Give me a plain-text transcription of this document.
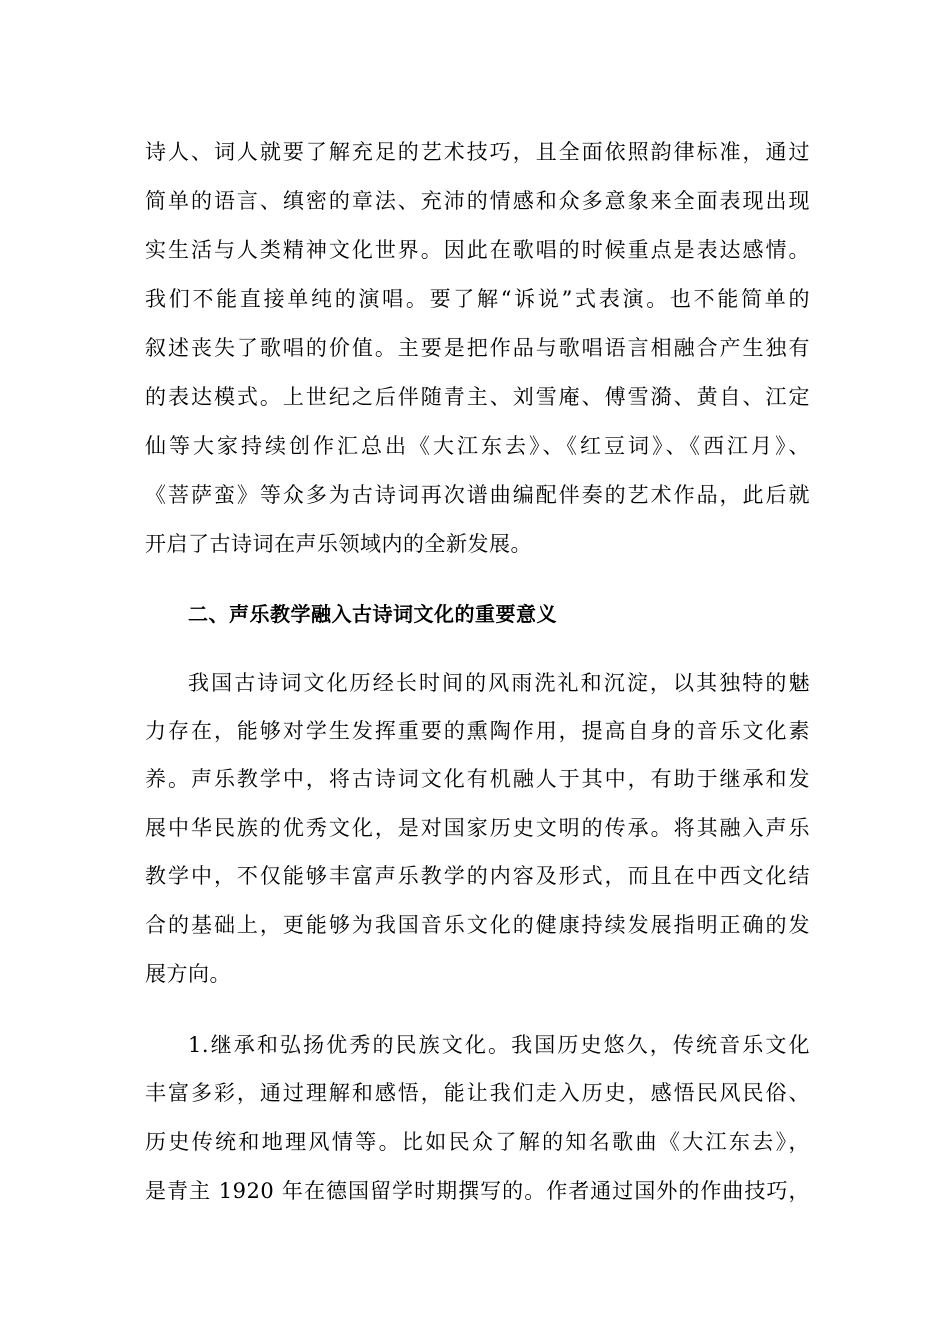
诗人、词人就要了解充足的艺术技巧，且全面依照韵律标准，通过
简单的语言、缜密的章法、充沛的情感和众多意象来全面表现出现
实生活与人类精神文化世界。因此在歌唱的时候重点是表达感情。
我们不能直接单纯的演唱。要了解“诉说”式表演。也不能简单的
叙述丧失了歌唱的价值。主要是把作品与歌唱语言相融合产生独有
的表达模式。上世纪之后伴随青主、刘雪庵、傅雪漪、黄自、江定
仙等大家持续创作汇总出《大江东去》、《红豆词》、《西江月》、
《菩萨蛮》等众多为古诗词再次谱曲编配伴奏的艺术作品，此后就
开启了古诗词在声乐领域内的全新发展。
二、声乐教学融入古诗词文化的重要意义
我国古诗词文化历经长时间的风雨洗礼和沉淀，以其独特的魅
力存在，能够对学生发挥重要的熏陶作用，提高自身的音乐文化素
养。声乐教学中，将古诗词文化有机融人于其中，有助于继承和发
展中华民族的优秀文化，是对国家历史文明的传承。将其融入声乐
教学中，不仅能够丰富声乐教学的内容及形式，而且在中西文化结
合的基础上，更能够为我国音乐文化的健康持续发展指明正确的发
展方向。
1.继承和弘扬优秀的民族文化。我国历史悠久，传统音乐文化
丰富多彩，通过理解和感悟，能让我们走入历史，感悟民风民俗、
历史传统和地理风情等。比如民众了解的知名歌曲《大江东去》，
是青主 1920 年在德国留学时期撰写的。作者通过国外的作曲技巧，
